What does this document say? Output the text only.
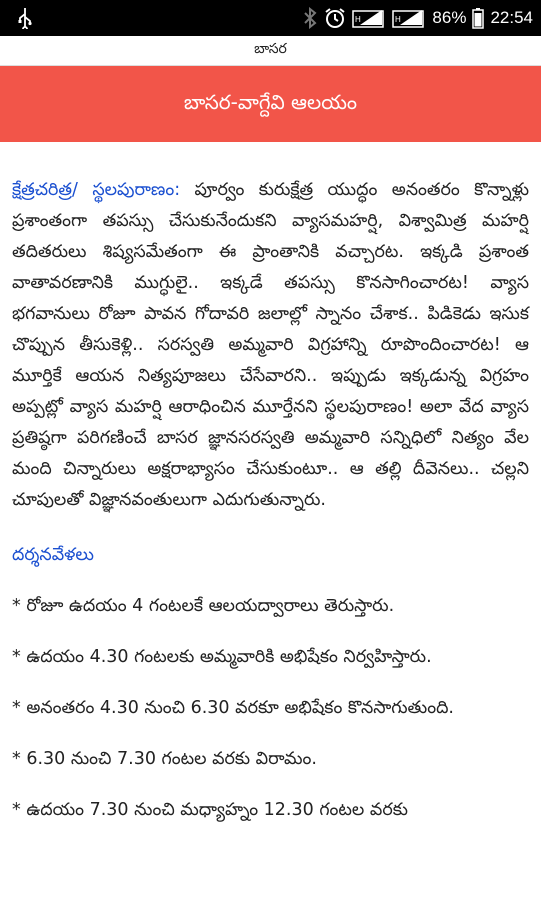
H	H 86% 22:54
బాసర
బాసర-వాగ్దేవి ఆలయం

క్షేత్రచరిత్ర/ స్థలపురాణం: పూర్వం కురుక్షేత్ర యుద్ధం అనంతరం కొన్నాళ్లు ప్రశాంతంగా తపస్సు చేసుకునేందుకని వ్యాసమహర్షి, విశ్వామిత్ర మహర్షి తదితరులు శిష్యసమేతంగా ఈ ప్రాంతానికి వచ్చారట. ఇక్కడి ప్రశాంత వాతావరణానికి ముగ్ధులై.. ఇక్కడే తపస్సు కొనసాగించారట! వ్యాస భగవానులు రోజూ పావన గోదావరి జలాల్లో స్నానం చేశాక.. పిడికెడు ఇసుక చొప్పున తీసుకెళ్లి.. సరస్వతి అమ్మవారి విగ్రహాన్ని రూపొందించారట! ఆ మూర్తికే ఆయన నిత్యపూజలు చేసేవారని.. ఇప్పుడు ఇక్కడున్న విగ్రహం అప్పట్లో వ్యాస మహర్షి ఆరాధించిన మూర్తేనని స్థలపురాణం! అలా వేద వ్యాస ప్రతిష్ఠగా పరిగణించే బాసర జ్ఞానసరస్వతి అమ్మవారి సన్నిధిలో నిత్యం వేల మంది చిన్నారులు అక్షరాభ్యాసం చేసుకుంటూ.. ఆ తల్లి దీవెనలు.. చల్లని చూపులతో విజ్ఞానవంతులుగా ఎదుగుతున్నారు.

దర్శనవేళలు

* రోజూ ఉదయం 4 గంటలకే ఆలయద్వారాలు తెరుస్తారు.

* ఉదయం 4.30 గంటలకు అమ్మవారికి అభిషేకం నిర్వహిస్తారు.

* అనంతరం 4.30 నుంచి 6.30 వరకూ అభిషేకం కొనసాగుతుంది.

* 6.30 నుంచి 7.30 గంటల వరకు విరామం.

* ఉదయం 7.30 నుంచి మధ్యాహ్నం 12.30 గంటల వరకు
